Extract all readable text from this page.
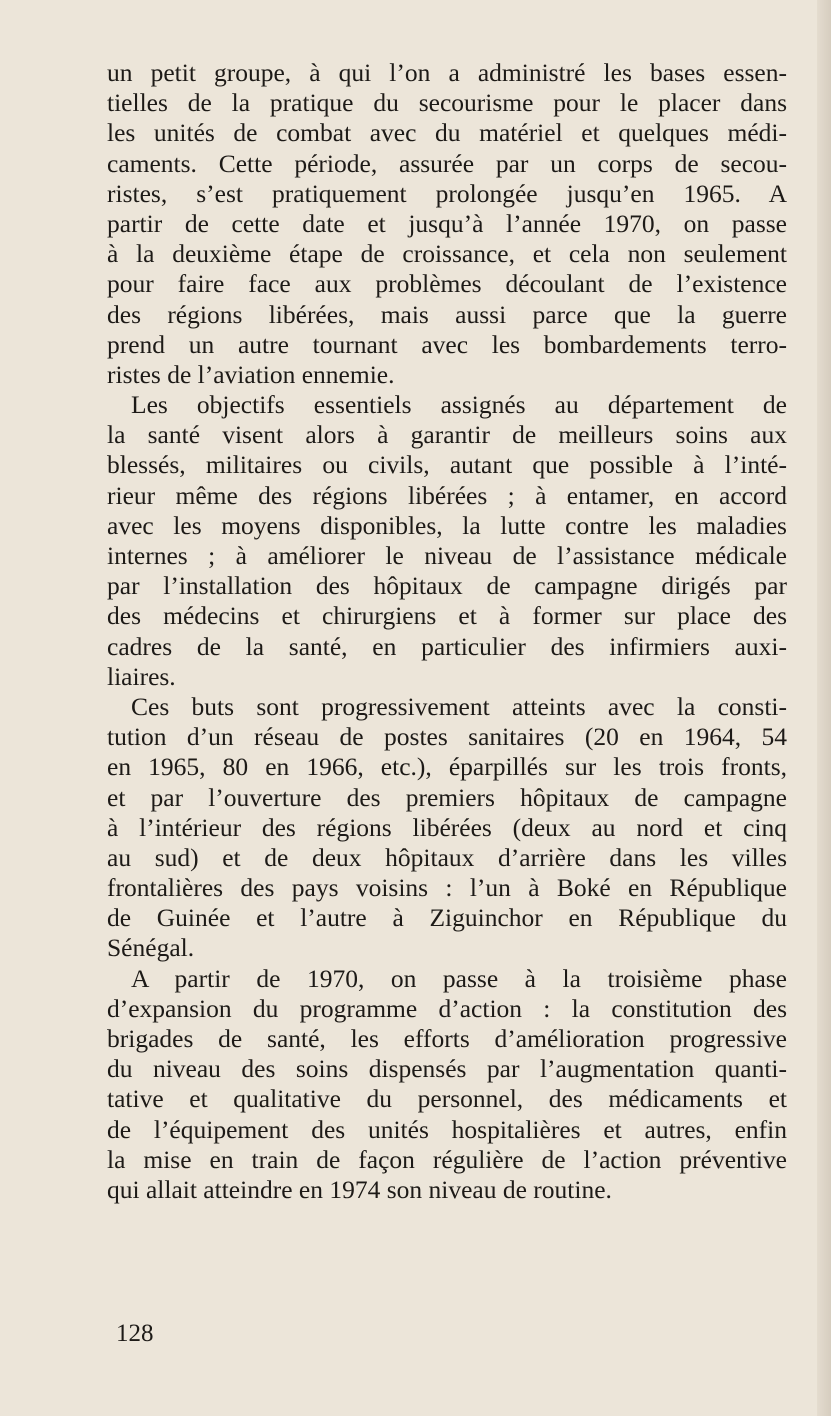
un petit groupe, à qui l’on a administré les bases essen-
tielles de la pratique du secourisme pour le placer dans
les unités de combat avec du matériel et quelques médi-
caments. Cette période, assurée par un corps de secou-
ristes, s’est pratiquement prolongée jusqu’en 1965. A
partir de cette date et jusqu’à l’année 1970, on passe
à la deuxième étape de croissance, et cela non seulement
pour faire face aux problèmes découlant de l’existence
des régions libérées, mais aussi parce que la guerre
prend un autre tournant avec les bombardements terro-
ristes de l’aviation ennemie.
Les objectifs essentiels assignés au département de
la santé visent alors à garantir de meilleurs soins aux
blessés, militaires ou civils, autant que possible à l’inté-
rieur même des régions libérées ; à entamer, en accord
avec les moyens disponibles, la lutte contre les maladies
internes ; à améliorer le niveau de l’assistance médicale
par l’installation des hôpitaux de campagne dirigés par
des médecins et chirurgiens et à former sur place des
cadres de la santé, en particulier des infirmiers auxi-
liaires.
Ces buts sont progressivement atteints avec la consti-
tution d’un réseau de postes sanitaires (20 en 1964, 54
en 1965, 80 en 1966, etc.), éparpillés sur les trois fronts,
et par l’ouverture des premiers hôpitaux de campagne
à l’intérieur des régions libérées (deux au nord et cinq
au sud) et de deux hôpitaux d’arrière dans les villes
frontalières des pays voisins : l’un à Boké en République
de Guinée et l’autre à Ziguinchor en République du
Sénégal.
A partir de 1970, on passe à la troisième phase
d’expansion du programme d’action : la constitution des
brigades de santé, les efforts d’amélioration progressive
du niveau des soins dispensés par l’augmentation quanti-
tative et qualitative du personnel, des médicaments et
de l’équipement des unités hospitalières et autres, enfin
la mise en train de façon régulière de l’action préventive
qui allait atteindre en 1974 son niveau de routine.
128
